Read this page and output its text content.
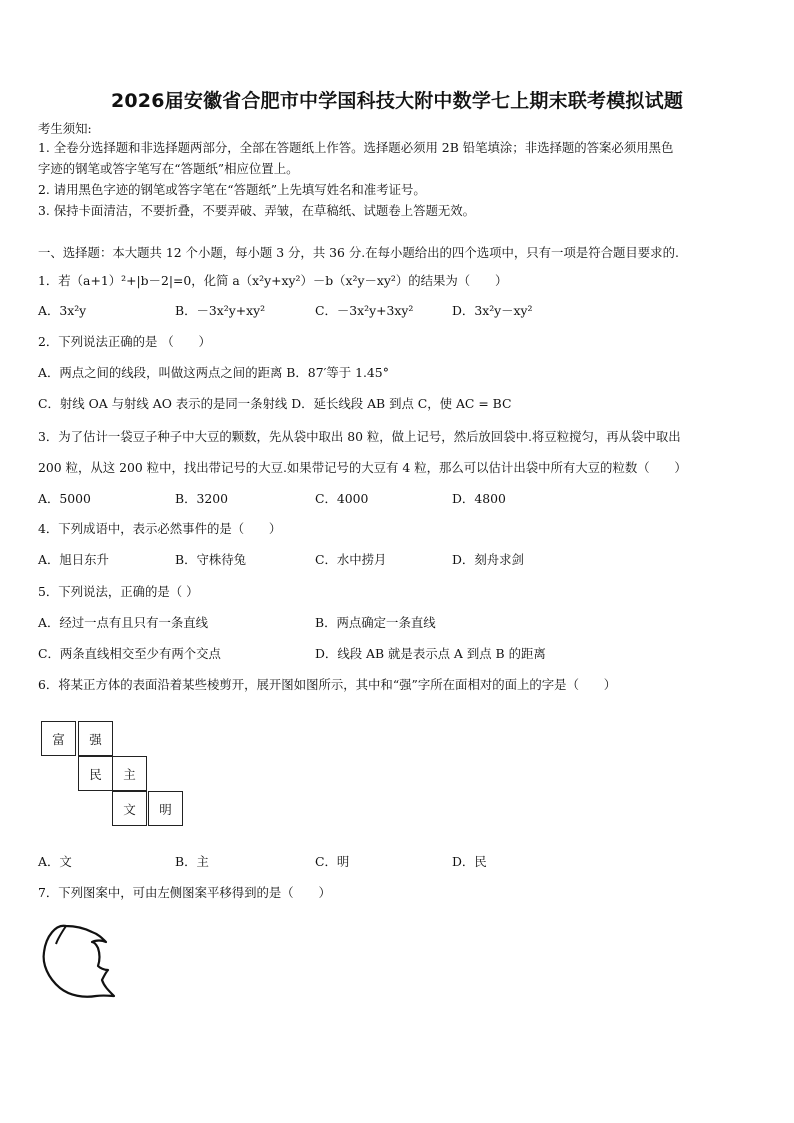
2026届安徽省合肥市中学国科技大附中数学七上期末联考模拟试题
考生须知:
1. 全卷分选择题和非选择题两部分，全部在答题纸上作答。选择题必须用 2B 铅笔填涂；非选择题的答案必须用黑色
字迹的钢笔或答字笔写在“答题纸”相应位置上。
2. 请用黑色字迹的钢笔或答字笔在“答题纸”上先填写姓名和准考证号。
3. 保持卡面清洁，不要折叠，不要弄破、弄皱，在草稿纸、试题卷上答题无效。
一、选择题：本大题共 12 个小题，每小题 3 分，共 36 分.在每小题给出的四个选项中，只有一项是符合题目要求的.
1．若（a+1）²+|b－2|=0，化简 a（x²y+xy²）－b（x²y－xy²）的结果为（　　）
A．3x²y	B．－3x²y+xy²	C．－3x²y+3xy²	D．3x²y－xy²
2．下列说法正确的是 （　　）
A．两点之间的线段，叫做这两点之间的距离 B．87′等于 1.45°
C．射线 OA 与射线 AO 表示的是同一条射线 D．延长线段 AB 到点 C，使 AC = BC
3．为了估计一袋豆子种子中大豆的颗数，先从袋中取出 80 粒，做上记号，然后放回袋中.将豆粒搅匀，再从袋中取出
200 粒，从这 200 粒中，找出带记号的大豆.如果带记号的大豆有 4 粒，那么可以估计出袋中所有大豆的粒数（　　）
A．5000	B．3200	C．4000	D．4800
4．下列成语中，表示必然事件的是（　　）
A．旭日东升	B．守株待兔	C．水中捞月	D．刻舟求剑
5．下列说法，正确的是（ ）
A．经过一点有且只有一条直线	B．两点确定一条直线
C．两条直线相交至少有两个交点	D．线段 AB 就是表示点 A 到点 B 的距离
6．将某正方体的表面沿着某些棱剪开，展开图如图所示，其中和“强”字所在面相对的面上的字是（　　）
富	强
民	主
文	明
A．文	B．主	C．明	D．民
7．下列图案中，可由左侧图案平移得到的是（　　）
